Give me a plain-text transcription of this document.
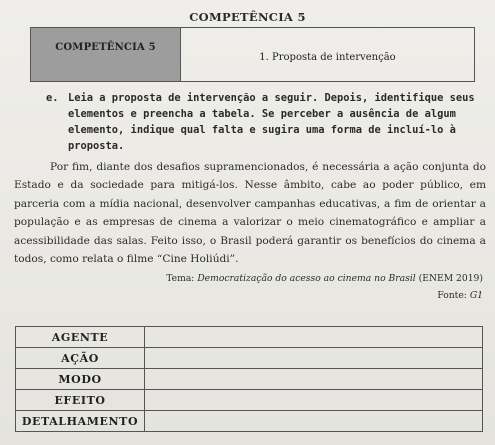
COMPETÊNCIA 5
COMPETÊNCIA 5
1. Proposta de intervenção
e. Leia a proposta de intervenção a seguir. Depois, identifique seus elementos e preencha a tabela. Se perceber a ausência de algum elemento, indique qual falta e sugira uma forma de incluí-lo à proposta.
Por fim, diante dos desafios supramencionados, é necessária a ação conjunta do Estado e da sociedade para mitigá-los. Nesse âmbito, cabe ao poder público, em parceria com a mídia nacional, desenvolver campanhas educativas, a fim de orientar a população e as empresas de cinema a valorizar o meio cinematográfico e ampliar a acessibilidade das salas. Feito isso, o Brasil poderá garantir os benefícios do cinema a todos, como relata o filme “Cine Holiúdi”.
Tema: Democratização do acesso ao cinema no Brasil (ENEM 2019)
Fonte: G1
AGENTE	
AÇÃO	
MODO	
EFEITO	
DETALHAMENTO	
